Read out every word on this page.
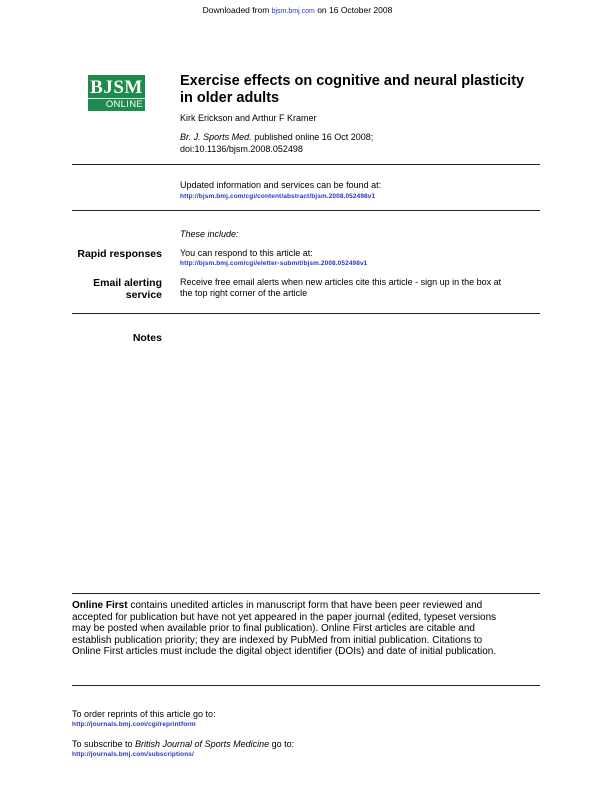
Downloaded from bjsm.bmj.com on 16 October 2008
BJSM
ONLINE
Exercise effects on cognitive and neural plasticity
in older adults
Kirk Erickson and Arthur F Kramer
Br. J. Sports Med. published online 16 Oct 2008;
doi:10.1136/bjsm.2008.052498
Updated information and services can be found at:
http://bjsm.bmj.com/cgi/content/abstract/bjsm.2008.052498v1
These include:
Rapid responses You can respond to this article at:
http://bjsm.bmj.com/cgi/eletter-submit/bjsm.2008.052498v1
Email alerting
service
Receive free email alerts when new articles cite this article - sign up in the box at
the top right corner of the article
Notes
Online First contains unedited articles in manuscript form that have been peer reviewed and
accepted for publication but have not yet appeared in the paper journal (edited, typeset versions
may be posted when available prior to final publication). Online First articles are citable and
establish publication priority; they are indexed by PubMed from initial publication. Citations to
Online First articles must include the digital object identifier (DOIs) and date of initial publication.
To order reprints of this article go to:
http://journals.bmj.com/cgi/reprintform
To subscribe to British Journal of Sports Medicine go to:
http://journals.bmj.com/subscriptions/
